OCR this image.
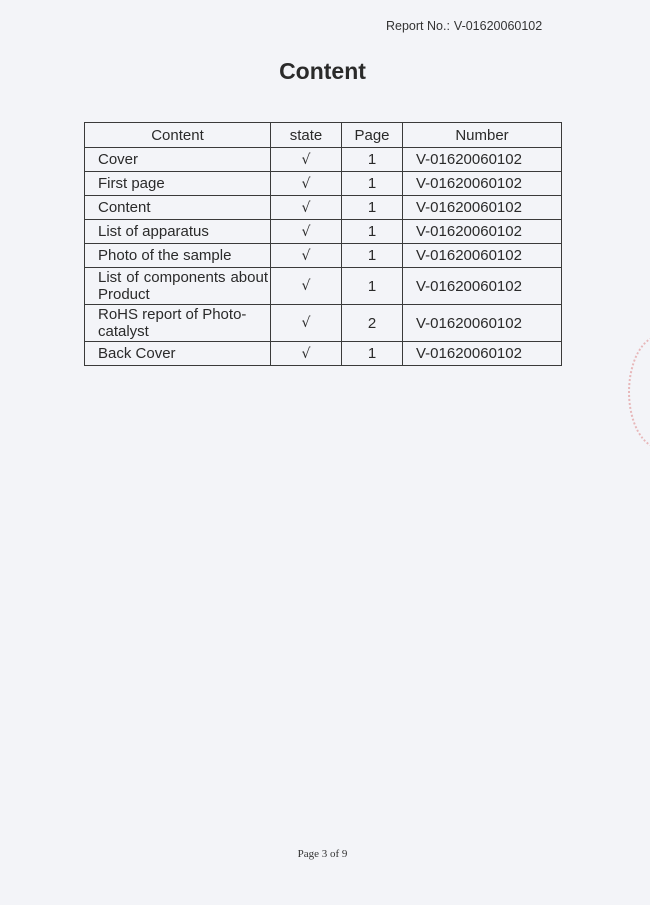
Report No.: V-01620060102
Content
Content	state	Page	Number
Cover	√	1	V-01620060102
First page	√	1	V-01620060102
Content	√	1	V-01620060102
List of apparatus	√	1	V-01620060102
Photo of the sample	√	1	V-01620060102
List of components about Product	√	1	V-01620060102
RoHS report of Photo-catalyst	√	2	V-01620060102
Back Cover	√	1	V-01620060102
Page 3 of 9
